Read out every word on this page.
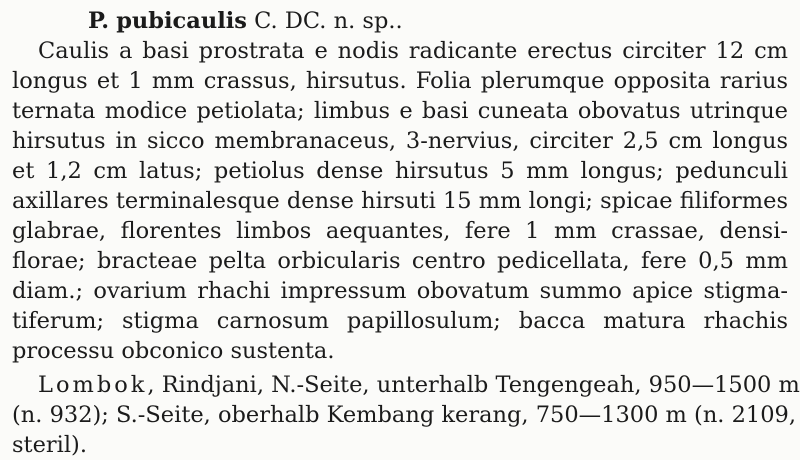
P. pubicaulis C. DC. n. sp..
Caulis a basi prostrata e nodis radicante erectus circiter 12 cm
longus et 1 mm crassus, hirsutus. Folia plerumque opposita rarius
ternata modice petiolata; limbus e basi cuneata obovatus utrinque
hirsutus in sicco membranaceus, 3-nervius, circiter 2,5 cm longus
et 1,2 cm latus; petiolus dense hirsutus 5 mm longus; pedunculi
axillares terminalesque dense hirsuti 15 mm longi; spicae filiformes
glabrae, florentes limbos aequantes, fere 1 mm crassae, densi-
florae; bracteae pelta orbicularis centro pedicellata, fere 0,5 mm
diam.; ovarium rhachi impressum obovatum summo apice stigma-
tiferum; stigma carnosum papillosulum; bacca matura rhachis
processu obconico sustenta.
Lombok, Rindjani, N.-Seite, unterhalb Tengengeah, 950—1500 m
(n. 932); S.-Seite, oberhalb Kembang kerang, 750—1300 m (n. 2109,
steril).
